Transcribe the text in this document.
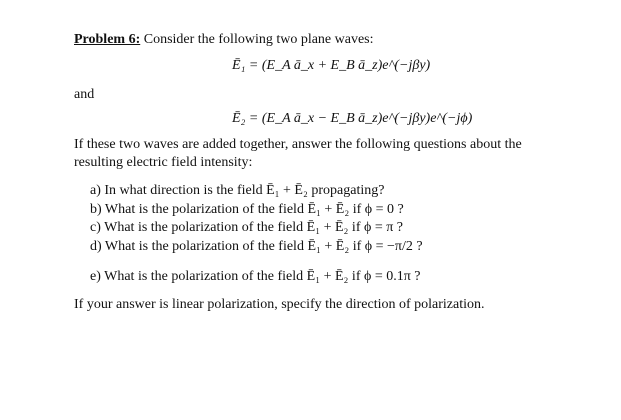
Problem 6: Consider the following two plane waves:
Ē₁ = (E_A ā_x + E_B ā_z)e^(−jβy)
and
Ē₂ = (E_A ā_x − E_B ā_z)e^(−jβy)e^(−jϕ)
If these two waves are added together, answer the following questions about the
resulting electric field intensity:
a) In what direction is the field Ē₁ + Ē₂ propagating?
b) What is the polarization of the field Ē₁ + Ē₂ if ϕ = 0 ?
c) What is the polarization of the field Ē₁ + Ē₂ if ϕ = π ?
d) What is the polarization of the field Ē₁ + Ē₂ if ϕ = −π/2 ?
e) What is the polarization of the field Ē₁ + Ē₂ if ϕ = 0.1π ?
If your answer is linear polarization, specify the direction of polarization.
